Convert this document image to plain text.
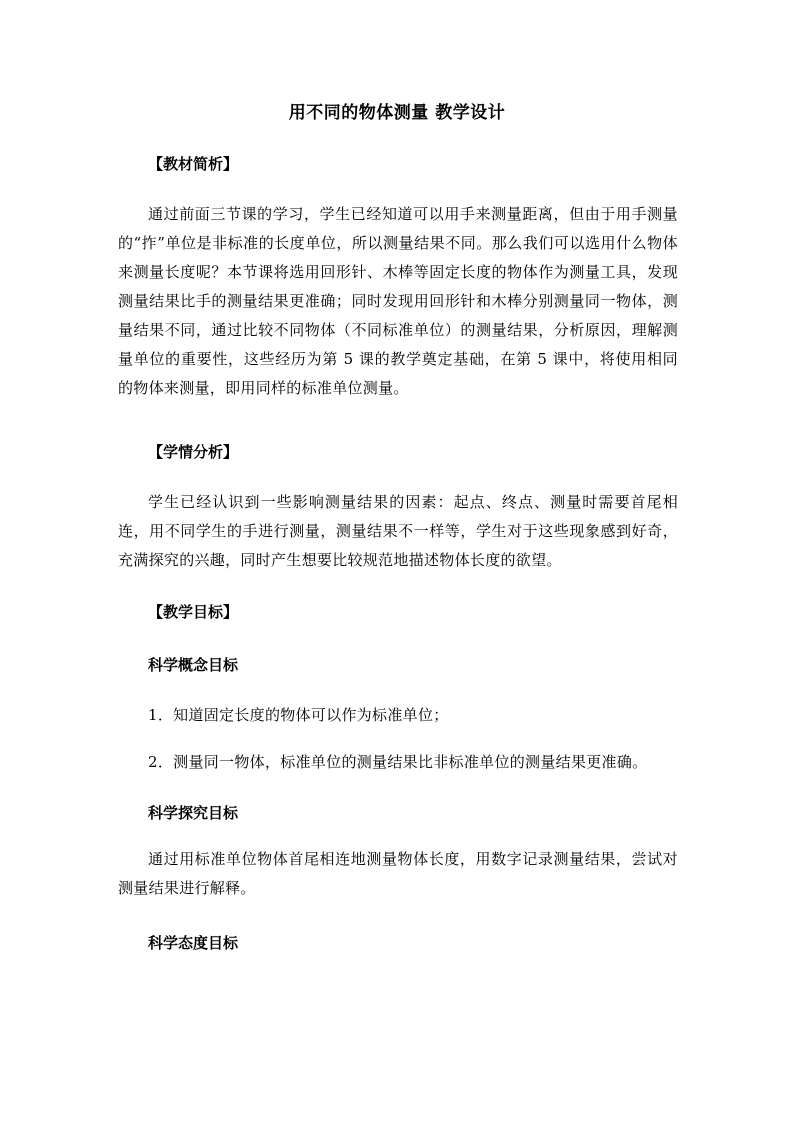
用不同的物体测量 教学设计
【教材简析】
通过前面三节课的学习，学生已经知道可以用手来测量距离，但由于用手测量的“拃”单位是非标准的长度单位，所以测量结果不同。那么我们可以选用什么物体来测量长度呢？本节课将选用回形针、木棒等固定长度的物体作为测量工具，发现测量结果比手的测量结果更准确；同时发现用回形针和木棒分别测量同一物体，测量结果不同，通过比较不同物体（不同标准单位）的测量结果，分析原因，理解测量单位的重要性，这些经历为第 5 课的教学奠定基础，在第 5 课中，将使用相同的物体来测量，即用同样的标准单位测量。
【学情分析】
学生已经认识到一些影响测量结果的因素：起点、终点、测量时需要首尾相连，用不同学生的手进行测量，测量结果不一样等，学生对于这些现象感到好奇，充满探究的兴趣，同时产生想要比较规范地描述物体长度的欲望。
【教学目标】
科学概念目标
1．知道固定长度的物体可以作为标准单位；
2．测量同一物体，标准单位的测量结果比非标准单位的测量结果更准确。
科学探究目标
通过用标准单位物体首尾相连地测量物体长度，用数字记录测量结果，尝试对测量结果进行解释。
科学态度目标
